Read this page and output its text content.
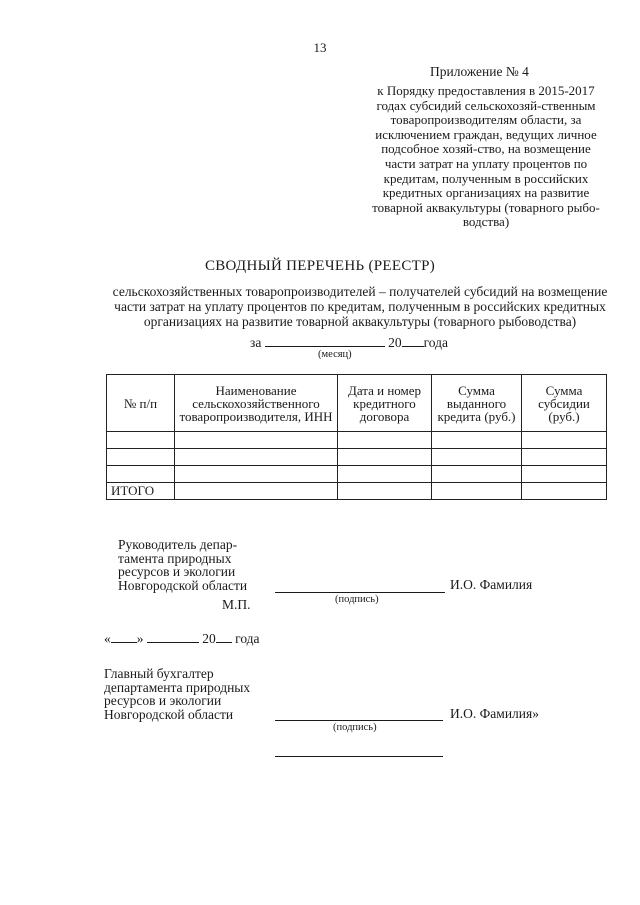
13
Приложение № 4
к Порядку предоставления в 2015-2017 годах субсидий сельскохозяй-ственным товаропроизводителям области, за исключением граждан, ведущих личное подсобное хозяй-ство, на возмещение части затрат на уплату процентов по кредитам, полученным в российских кредитных организациях на развитие товарной аквакультуры (товарного рыбо-водства)
СВОДНЫЙ ПЕРЕЧЕНЬ (РЕЕСТР)
сельскохозяйственных товаропроизводителей – получателей субсидий на возмещение части затрат на уплату процентов по кредитам, полученным в российских кредитных организациях на развитие товарной аквакультуры (товарного рыбоводства)
за	20 года
(месяц)
№ п/п	Наименование сельскохозяйственного товаропроизводителя, ИНН	Дата и номер кредитного договора	Сумма выданного кредита (руб.)	Сумма субсидии (руб.)

ИТОГО				
Руководитель депар-тамента природных ресурсов и экологии Новгородской области	И.О. Фамилия
(подпись)
М.П.
« »	20 года
Главный бухгалтер департамента природных ресурсов и экологии Новгородской области	И.О. Фамилия»
(подпись)
